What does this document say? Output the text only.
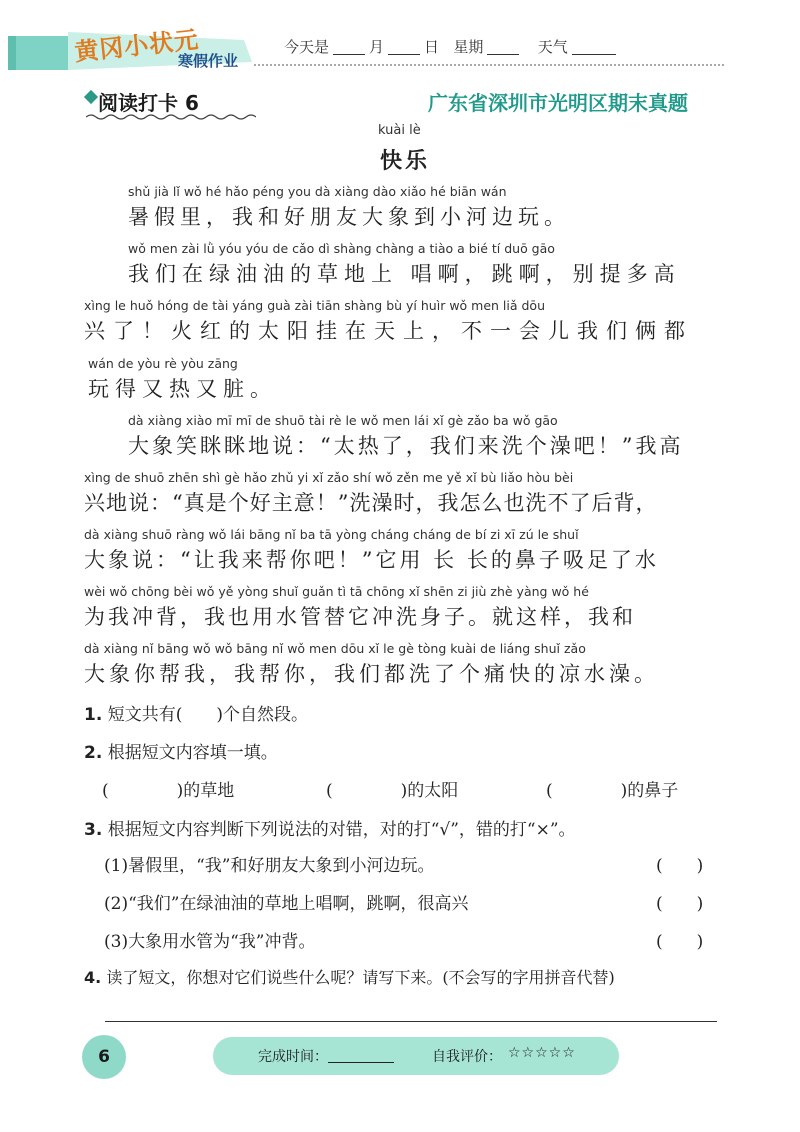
黄冈小状元
寒假作业
今天是	月	日 星期	天气
阅读打卡 6	广东省深圳市光明区期末真题
kuài lè
快乐
shǔ jià lǐ wǒ hé hǎo péng you dà xiàng dào xiǎo hé biān wán
暑假里，我和好朋友大象到小河边玩。
wǒ men zài lǜ yóu yóu de cǎo dì shàng chàng a tiào a bié tí duō gāo
我们在绿油油的草地上 唱啊，跳啊，别提多高
xìng le huǒ hóng de tài yáng guà zài tiān shàng bù yí huìr wǒ men liǎ dōu
兴了！火红的太阳挂在天上，不一会儿我们俩都
wán de yòu rè yòu zāng
玩得又热又脏。
dà xiàng xiào mī mī de shuō tài rè le wǒ men lái xǐ gè zǎo ba wǒ gāo
大象笑眯眯地说：“太热了，我们来洗个澡吧！”我高
xìng de shuō zhēn shì gè hǎo zhǔ yi xǐ zǎo shí wǒ zěn me yě xǐ bù liǎo hòu bèi
兴地说：“真是个好主意！”洗澡时，我怎么也洗不了后背，
dà xiàng shuō ràng wǒ lái bāng nǐ ba tā yòng cháng cháng de bí zi xī zú le shuǐ
大象说：“让我来帮你吧！”它用 长 长的鼻子吸足了水
wèi wǒ chōng bèi wǒ yě yòng shuǐ guǎn tì tā chōng xǐ shēn zi jiù zhè yàng wǒ hé
为我冲背，我也用水管替它冲洗身子。就这样，我和
dà xiàng nǐ bāng wǒ wǒ bāng nǐ wǒ men dōu xǐ le gè tòng kuài de liáng shuǐ zǎo
大象你帮我，我帮你，我们都洗了个痛快的凉水澡。
1. 短文共有(　　)个自然段。
2. 根据短文内容填一填。
(　　　　)的草地	(　　　　)的太阳	(　　　　)的鼻子
3. 根据短文内容判断下列说法的对错，对的打“√”，错的打“×”。
(1)暑假里，“我”和好朋友大象到小河边玩。	(　　)
(2)“我们”在绿油油的草地上唱啊，跳啊，很高兴	(　　)
(3)大象用水管为“我”冲背。	(　　)
4. 读了短文，你想对它们说些什么呢？请写下来。(不会写的字用拼音代替)
6	完成时间：	自我评价： ☆☆☆☆☆
